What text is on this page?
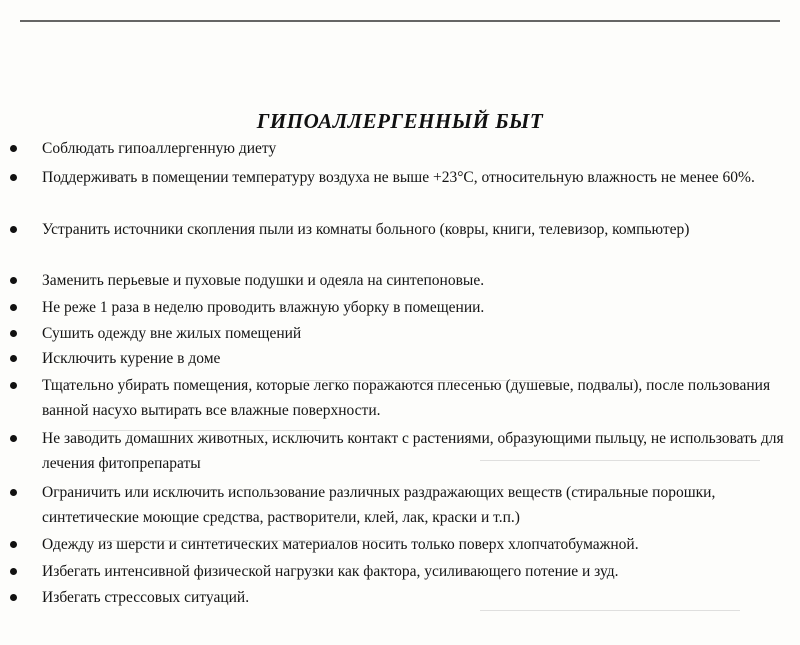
ГИПОАЛЛЕРГЕННЫЙ БЫТ
Соблюдать гипоаллергенную диету
Поддерживать в помещении температуру воздуха не выше +23°С, относительную влажность не менее 60%.
Устранить источники скопления пыли из комнаты больного (ковры, книги, телевизор, компьютер)
Заменить перьевые и пуховые подушки и одеяла на синтепоновые.
Не реже 1 раза в неделю проводить влажную уборку в помещении.
Сушить одежду вне жилых помещений
Исключить курение в доме
Тщательно убирать помещения, которые легко поражаются плесенью (душевые, подвалы), после пользования ванной насухо вытирать все влажные поверхности.
Не заводить домашних животных, исключить контакт с растениями, образующими пыльцу, не использовать для лечения фитопрепараты
Ограничить или исключить использование различных раздражающих веществ (стиральные порошки, синтетические моющие средства, растворители, клей, лак, краски и т.п.)
Одежду из шерсти и синтетических материалов носить только поверх хлопчатобумажной.
Избегать интенсивной физической нагрузки как фактора, усиливающего потение и зуд.
Избегать стрессовых ситуаций.
